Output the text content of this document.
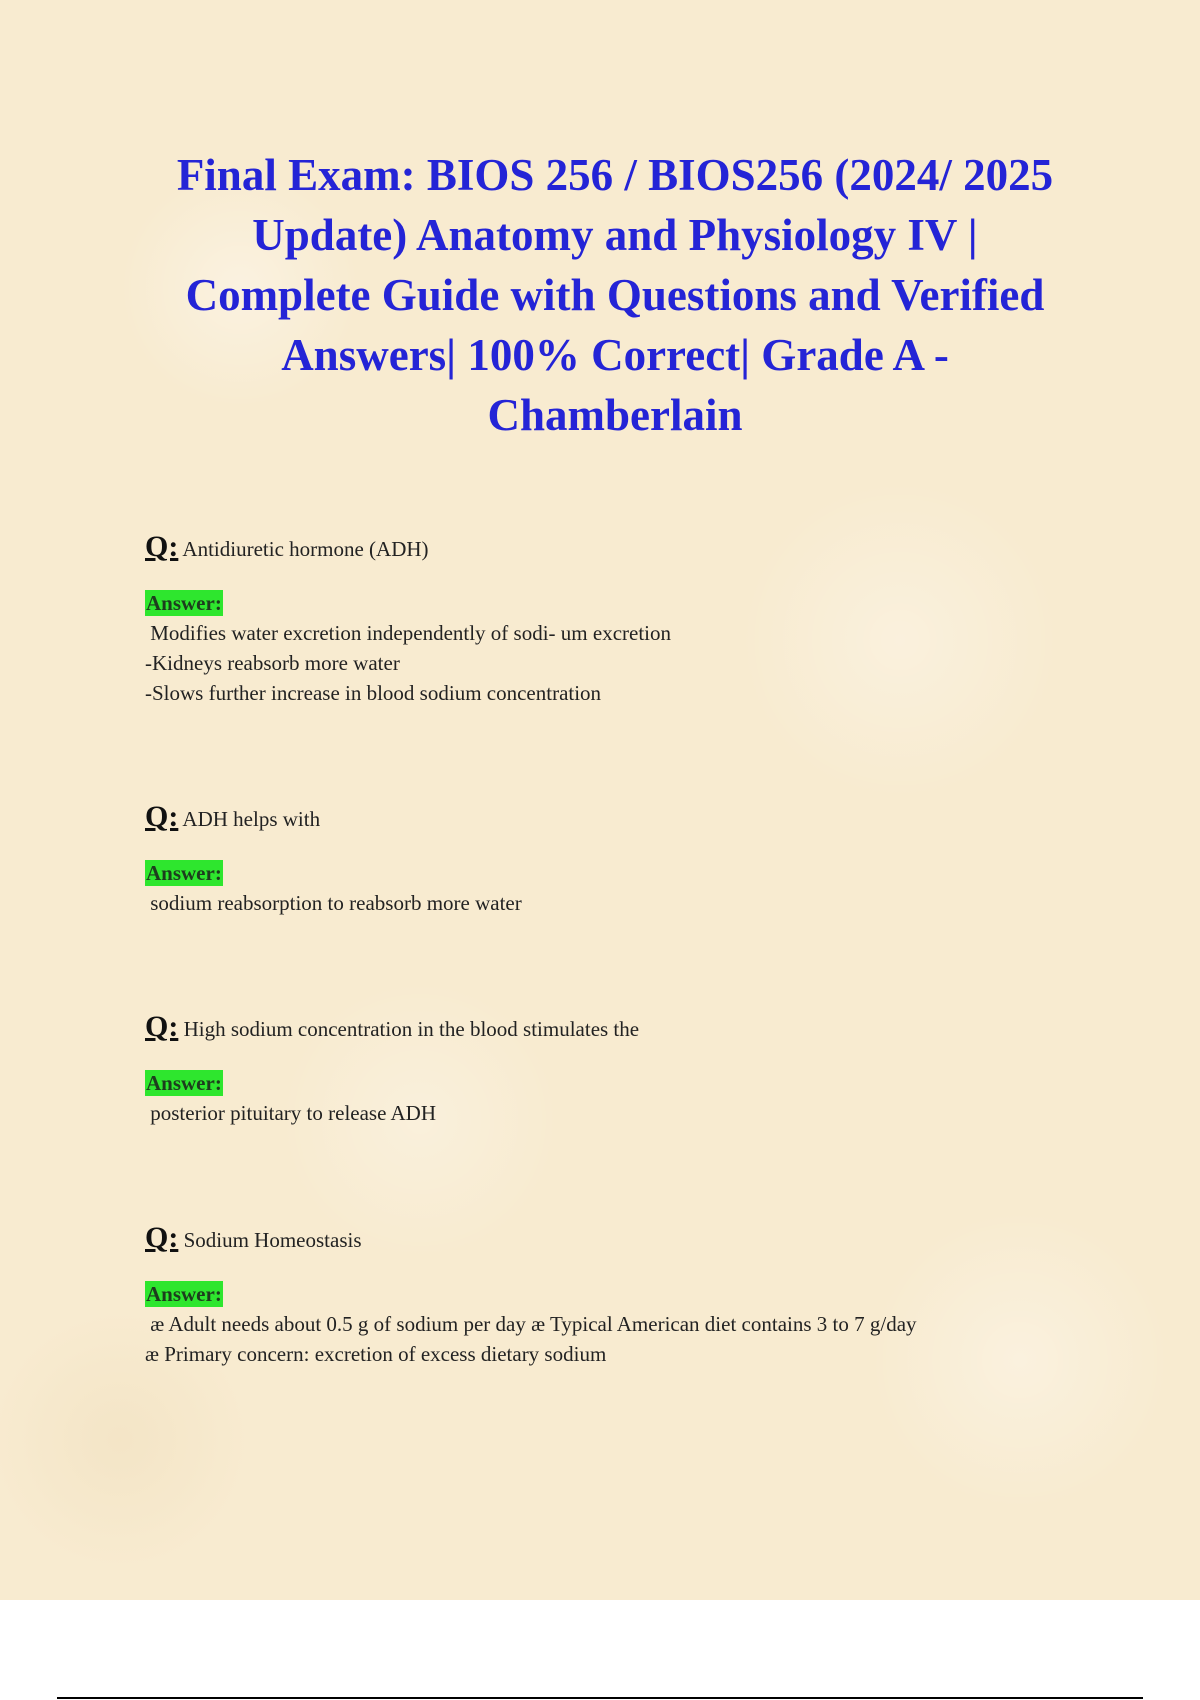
Final Exam: BIOS 256 / BIOS256 (2024/ 2025
Update) Anatomy and Physiology IV |
Complete Guide with Questions and Verified
Answers| 100% Correct| Grade A -
Chamberlain
Q: Antidiuretic hormone (ADH)
Answer:
Modifies water excretion independently of sodi- um excretion
-Kidneys reabsorb more water
-Slows further increase in blood sodium concentration
Q: ADH helps with
Answer:
sodium reabsorption to reabsorb more water
Q: High sodium concentration in the blood stimulates the
Answer:
posterior pituitary to release ADH
Q: Sodium Homeostasis
Answer:
æ Adult needs about 0.5 g of sodium per day æ Typical American diet contains 3 to 7 g/day
æ Primary concern: excretion of excess dietary sodium
